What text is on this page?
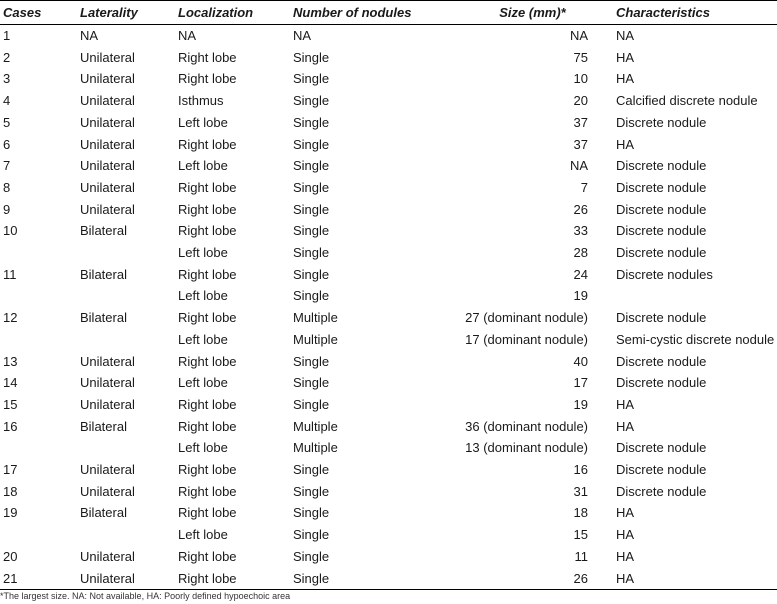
Cases	Laterality	Localization	Number of nodules	Size (mm)*	Characteristics
1	NA	NA	NA	NA	NA
2	Unilateral	Right lobe	Single	75	HA
3	Unilateral	Right lobe	Single	10	HA
4	Unilateral	Isthmus	Single	20	Calcified discrete nodule
5	Unilateral	Left lobe	Single	37	Discrete nodule
6	Unilateral	Right lobe	Single	37	HA
7	Unilateral	Left lobe	Single	NA	Discrete nodule
8	Unilateral	Right lobe	Single	7	Discrete nodule
9	Unilateral	Right lobe	Single	26	Discrete nodule
10	Bilateral	Right lobe	Single	33	Discrete nodule
		Left lobe	Single	28	Discrete nodule
11	Bilateral	Right lobe	Single	24	Discrete nodules
		Left lobe	Single	19	
12	Bilateral	Right lobe	Multiple	27 (dominant nodule)	Discrete nodule
		Left lobe	Multiple	17 (dominant nodule)	Semi-cystic discrete nodule
13	Unilateral	Right lobe	Single	40	Discrete nodule
14	Unilateral	Left lobe	Single	17	Discrete nodule
15	Unilateral	Right lobe	Single	19	HA
16	Bilateral	Right lobe	Multiple	36 (dominant nodule)	HA
		Left lobe	Multiple	13 (dominant nodule)	Discrete nodule
17	Unilateral	Right lobe	Single	16	Discrete nodule
18	Unilateral	Right lobe	Single	31	Discrete nodule
19	Bilateral	Right lobe	Single	18	HA
		Left lobe	Single	15	HA
20	Unilateral	Right lobe	Single	11	HA
21	Unilateral	Right lobe	Single	26	HA
*The largest size. NA: Not available, HA: Poorly defined hypoechoic area
